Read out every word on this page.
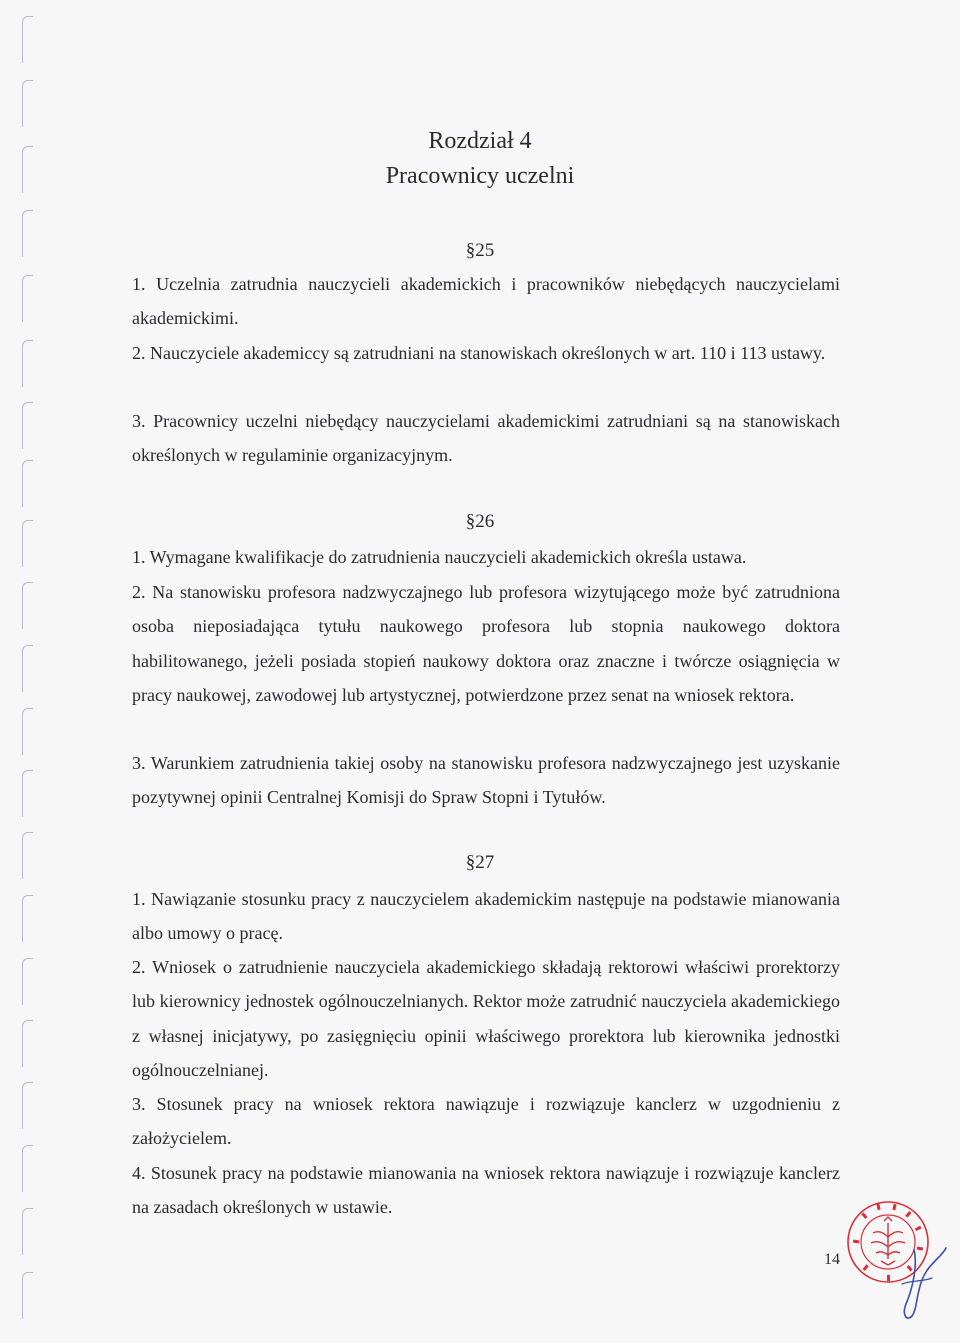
Rozdział 4
Pracownicy uczelni
§25
1. Uczelnia zatrudnia nauczycieli akademickich i pracowników niebędących nauczycielami akademickimi.
2. Nauczyciele akademiccy są zatrudniani na stanowiskach określonych w art. 110 i 113 ustawy.
3. Pracownicy uczelni niebędący nauczycielami akademickimi zatrudniani są na stanowiskach określonych w regulaminie organizacyjnym.
§26
1. Wymagane kwalifikacje do zatrudnienia nauczycieli akademickich określa ustawa.
2. Na stanowisku profesora nadzwyczajnego lub profesora wizytującego może być zatrudniona osoba nieposiadająca tytułu naukowego profesora lub stopnia naukowego doktora habilitowanego, jeżeli posiada stopień naukowy doktora oraz znaczne i twórcze osiągnięcia w pracy naukowej, zawodowej lub artystycznej, potwierdzone przez senat na wniosek rektora.
3. Warunkiem zatrudnienia takiej osoby na stanowisku profesora nadzwyczajnego jest uzyskanie pozytywnej opinii Centralnej Komisji do Spraw Stopni i Tytułów.
§27
1. Nawiązanie stosunku pracy z nauczycielem akademickim następuje na podstawie mianowania albo umowy o pracę.
2. Wniosek o zatrudnienie nauczyciela akademickiego składają rektorowi właściwi prorektorzy lub kierownicy jednostek ogólnouczelnianych. Rektor może zatrudnić nauczyciela akademickiego z własnej inicjatywy, po zasięgnięciu opinii właściwego prorektora lub kierownika jednostki ogólnouczelnianej.
3. Stosunek pracy na wniosek rektora nawiązuje i rozwiązuje kanclerz w uzgodnieniu z założycielem.
4. Stosunek pracy na podstawie mianowania na wniosek rektora nawiązuje i rozwiązuje kanclerz na zasadach określonych w ustawie.
14
